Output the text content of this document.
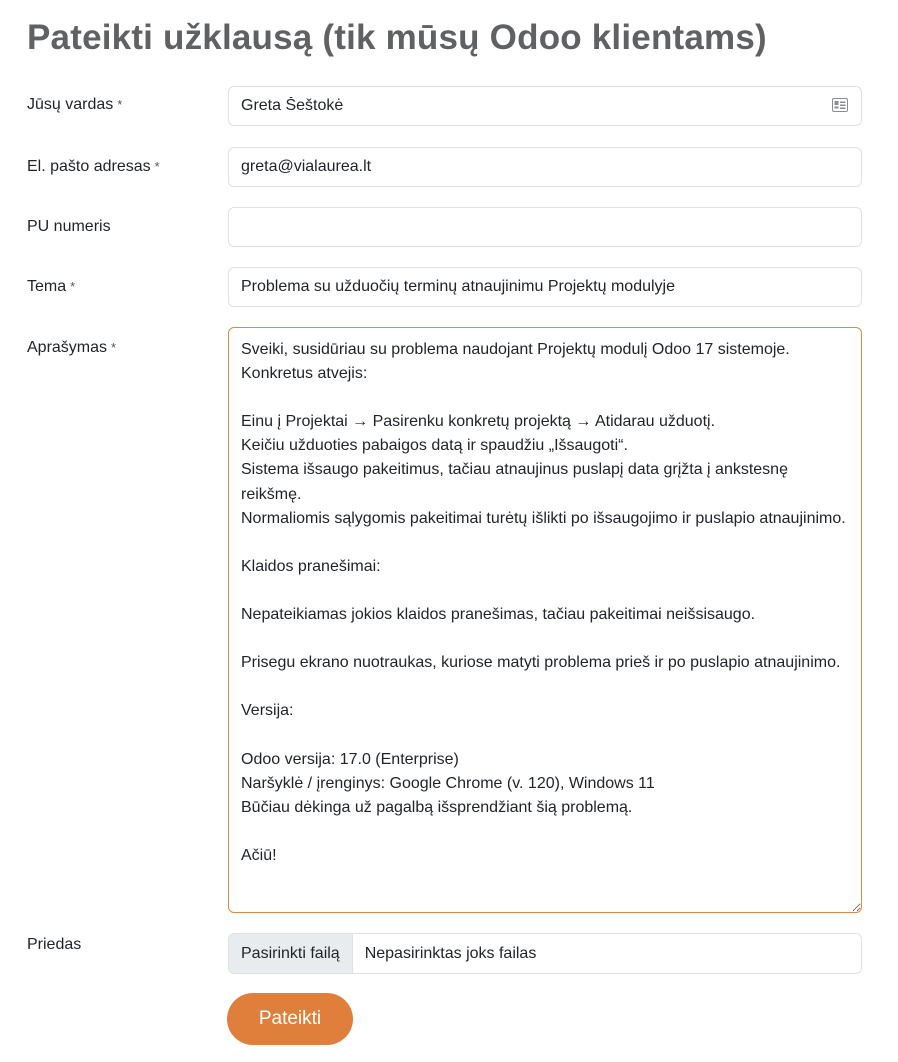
Pateikti užklausą (tik mūsų Odoo klientams)
Jūsų vardas *
Greta Šeštokė
El. pašto adresas *
greta@vialaurea.lt
PU numeris
Tema *
Problema su užduočių terminų atnaujinimu Projektų modulyje
Aprašymas *
Sveiki, susidūriau su problema naudojant Projektų modulį Odoo 17 sistemoje. Konkretus atvejis: Einu į Projektai → Pasirenku konkretų projektą → Atidarau užduotį. Keičiu užduoties pabaigos datą ir spaudžiu „Išsaugoti“. Sistema išsaugo pakeitimus, tačiau atnaujinus puslapį data grįžta į ankstesnę reikšmę. Normaliomis sąlygomis pakeitimai turėtų išlikti po išsaugojimo ir puslapio atnaujinimo. Klaidos pranešimai: Nepateikiamas jokios klaidos pranešimas, tačiau pakeitimai neišsisaugo. Prisegu ekrano nuotraukas, kuriose matyti problema prieš ir po puslapio atnaujinimo. Versija: Odoo versija: 17.0 (Enterprise) Naršyklė / įrenginys: Google Chrome (v. 120), Windows 11 Būčiau dėkinga už pagalbą išsprendžiant šią problemą. Ačiū!
Priedas	Pasirinkti failą	Nepasirinktas joks failas
Pateikti
